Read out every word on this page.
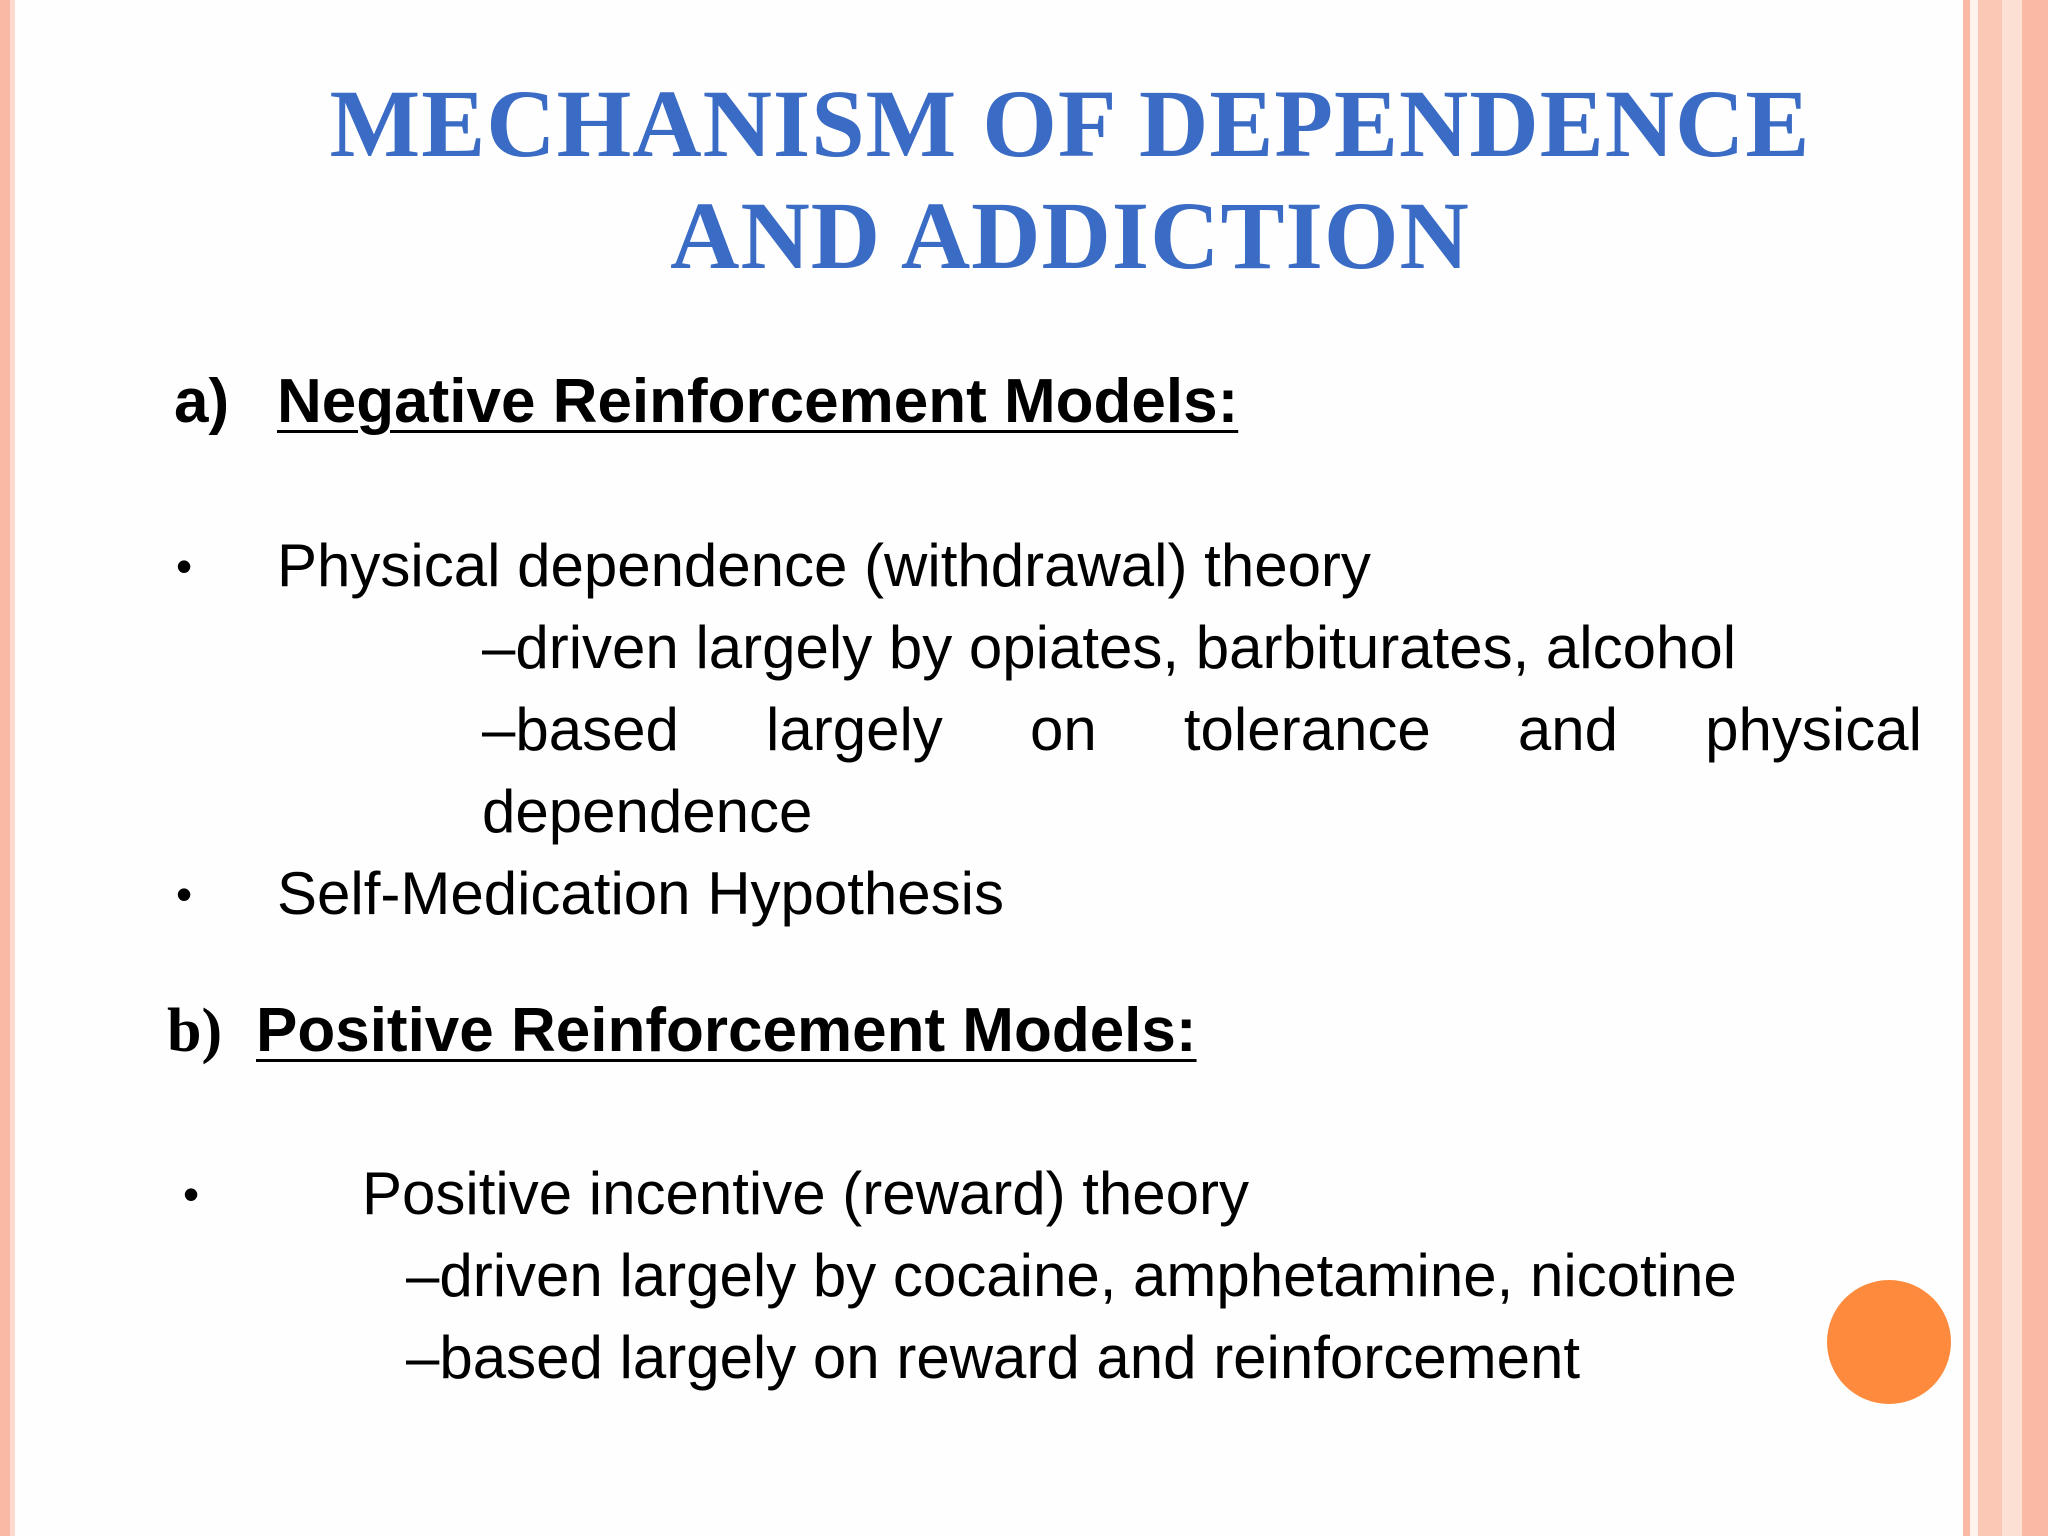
MECHANISM OF DEPENDENCE
AND ADDICTION
a) Negative Reinforcement Models:
• Physical dependence (withdrawal) theory
–driven largely by opiates, barbiturates, alcohol
–based largely on tolerance and physical
dependence
• Self-Medication Hypothesis
b) Positive Reinforcement Models:
•	Positive incentive (reward) theory
–driven largely by cocaine, amphetamine, nicotine
–based largely on reward and reinforcement
